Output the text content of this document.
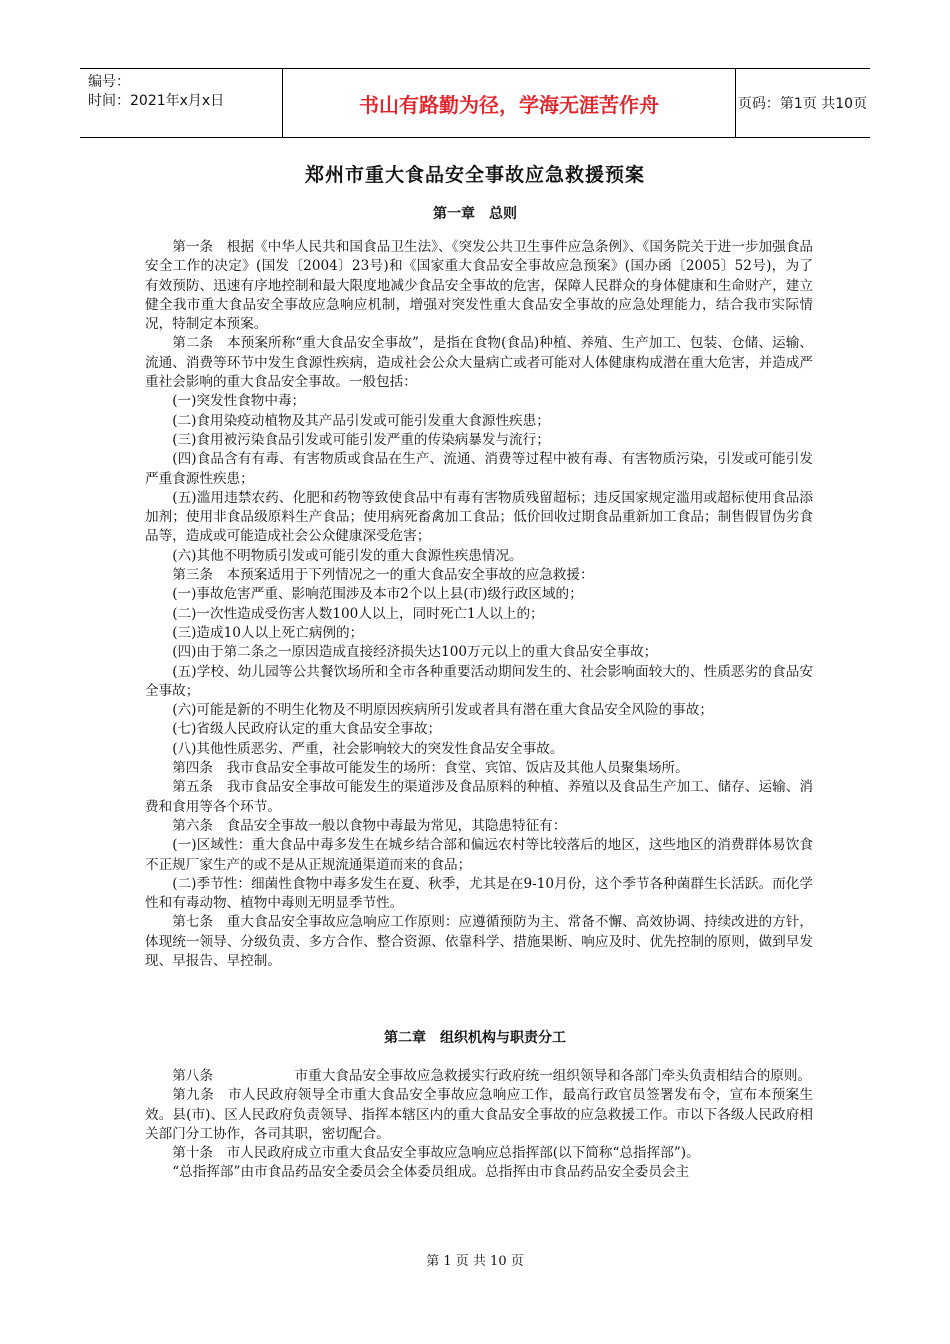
编号：
时间：2021年x月x日	书山有路勤为径，学海无涯苦作舟	页码：第1页 共10页
郑州市重大食品安全事故应急救援预案
第一章　总则

第一条　根据《中华人民共和国食品卫生法》、《突发公共卫生事件应急条例》、《国务院关于进一步加强食品安全工作的决定》(国发〔2004〕23号)和《国家重大食品安全事故应急预案》(国办函〔2005〕52号)，为了有效预防、迅速有序地控制和最大限度地减少食品安全事故的危害，保障人民群众的身体健康和生命财产，建立健全我市重大食品安全事故应急响应机制，增强对突发性重大食品安全事故的应急处理能力，结合我市实际情况，特制定本预案。

第二条　本预案所称“重大食品安全事故”，是指在食物(食品)种植、养殖、生产加工、包装、仓储、运输、流通、消费等环节中发生食源性疾病，造成社会公众大量病亡或者可能对人体健康构成潜在重大危害，并造成严重社会影响的重大食品安全事故。一般包括：

(一)突发性食物中毒；

(二)食用染疫动植物及其产品引发或可能引发重大食源性疾患；

(三)食用被污染食品引发或可能引发严重的传染病暴发与流行；

(四)食品含有有毒、有害物质或食品在生产、流通、消费等过程中被有毒、有害物质污染，引发或可能引发严重食源性疾患；

(五)滥用违禁农药、化肥和药物等致使食品中有毒有害物质残留超标；违反国家规定滥用或超标使用食品添加剂；使用非食品级原料生产食品；使用病死畜禽加工食品；低价回收过期食品重新加工食品；制售假冒伪劣食品等，造成或可能造成社会公众健康深受危害；

(六)其他不明物质引发或可能引发的重大食源性疾患情况。

第三条　本预案适用于下列情况之一的重大食品安全事故的应急救援：

(一)事故危害严重、影响范围涉及本市2个以上县(市)级行政区域的；

(二)一次性造成受伤害人数100人以上，同时死亡1人以上的；

(三)造成10人以上死亡病例的；

(四)由于第二条之一原因造成直接经济损失达100万元以上的重大食品安全事故；

(五)学校、幼儿园等公共餐饮场所和全市各种重要活动期间发生的、社会影响面较大的、性质恶劣的食品安全事故；

(六)可能是新的不明生化物及不明原因疾病所引发或者具有潜在重大食品安全风险的事故；

(七)省级人民政府认定的重大食品安全事故；

(八)其他性质恶劣、严重，社会影响较大的突发性食品安全事故。

第四条　我市食品安全事故可能发生的场所：食堂、宾馆、饭店及其他人员聚集场所。

第五条　我市食品安全事故可能发生的渠道涉及食品原料的种植、养殖以及食品生产加工、储存、运输、消费和食用等各个环节。

第六条　食品安全事故一般以食物中毒最为常见，其隐患特征有：

(一)区域性：重大食品中毒多发生在城乡结合部和偏远农村等比较落后的地区，这些地区的消费群体易饮食不正规厂家生产的或不是从正规流通渠道而来的食品；

(二)季节性：细菌性食物中毒多发生在夏、秋季，尤其是在9-10月份，这个季节各种菌群生长活跃。而化学性和有毒动物、植物中毒则无明显季节性。

第七条　重大食品安全事故应急响应工作原则：应遵循预防为主、常备不懈、高效协调、持续改进的方针，体现统一领导、分级负责、多方合作、整合资源、依靠科学、措施果断、响应及时、优先控制的原则，做到早发现、早报告、早控制。

第二章　组织机构与职责分工

第八条　　　　　　市重大食品安全事故应急救援实行政府统一组织领导和各部门牵头负责相结合的原则。

第九条　市人民政府领导全市重大食品安全事故应急响应工作，最高行政官员签署发布令，宣布本预案生效。县(市)、区人民政府负责领导、指挥本辖区内的重大食品安全事故的应急救援工作。市以下各级人民政府相关部门分工协作，各司其职，密切配合。

第十条　市人民政府成立市重大食品安全事故应急响应总指挥部(以下简称“总指挥部”)。

“总指挥部”由市食品药品安全委员会全体委员组成。总指挥由市食品药品安全委员会主

第 1 页 共 10 页
